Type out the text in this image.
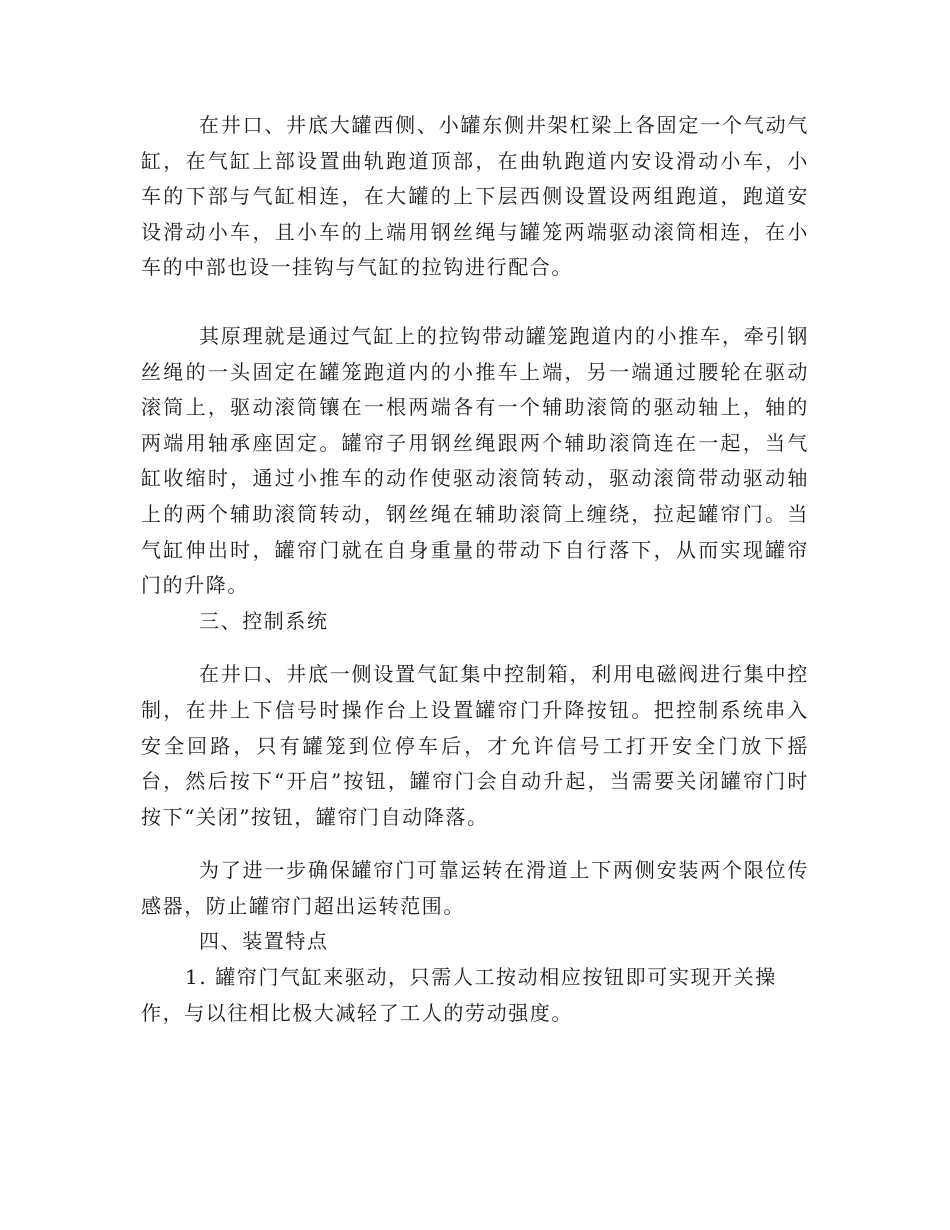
在井口、井底大罐西侧、小罐东侧井架杠梁上各固定一个气动气缸，在气缸上部设置曲轨跑道顶部，在曲轨跑道内安设滑动小车，小车的下部与气缸相连，在大罐的上下层西侧设置设两组跑道，跑道安设滑动小车，且小车的上端用钢丝绳与罐笼两端驱动滚筒相连，在小车的中部也设一挂钩与气缸的拉钩进行配合。

其原理就是通过气缸上的拉钩带动罐笼跑道内的小推车，牵引钢丝绳的一头固定在罐笼跑道内的小推车上端，另一端通过腰轮在驱动滚筒上，驱动滚筒镶在一根两端各有一个辅助滚筒的驱动轴上，轴的两端用轴承座固定。罐帘子用钢丝绳跟两个辅助滚筒连在一起，当气缸收缩时，通过小推车的动作使驱动滚筒转动，驱动滚筒带动驱动轴上的两个辅助滚筒转动，钢丝绳在辅助滚筒上缠绕，拉起罐帘门。当气缸伸出时，罐帘门就在自身重量的带动下自行落下，从而实现罐帘门的升降。

三、控制系统

在井口、井底一侧设置气缸集中控制箱，利用电磁阀进行集中控制，在井上下信号时操作台上设置罐帘门升降按钮。把控制系统串入安全回路，只有罐笼到位停车后，才允许信号工打开安全门放下摇台，然后按下“开启”按钮，罐帘门会自动升起，当需要关闭罐帘门时按下“关闭”按钮，罐帘门自动降落。

为了进一步确保罐帘门可靠运转在滑道上下两侧安装两个限位传感器，防止罐帘门超出运转范围。

四、装置特点

1. 罐帘门气缸来驱动，只需人工按动相应按钮即可实现开关操作，与以往相比极大减轻了工人的劳动强度。
